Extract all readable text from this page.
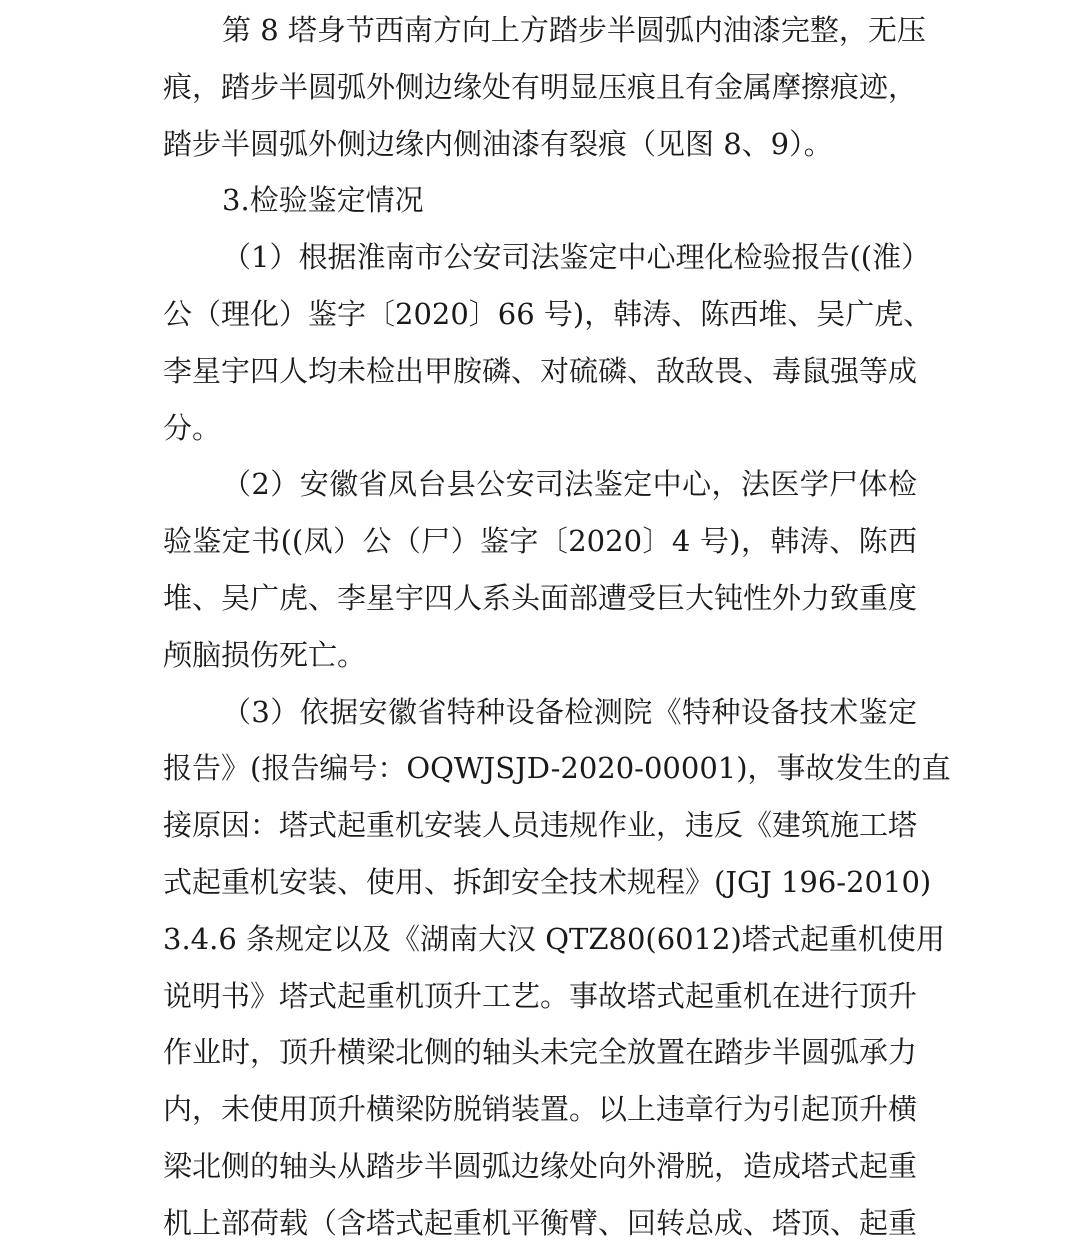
第 8 塔身节西南方向上方踏步半圆弧内油漆完整，无压
痕，踏步半圆弧外侧边缘处有明显压痕且有金属摩擦痕迹，
踏步半圆弧外侧边缘内侧油漆有裂痕（见图 8、9）。
3.检验鉴定情况
（1）根据淮南市公安司法鉴定中心理化检验报告((淮）
公（理化）鉴字〔2020〕66 号)，韩涛、陈西堆、吴广虎、
李星宇四人均未检出甲胺磷、对硫磷、敌敌畏、毒鼠强等成
分。
（2）安徽省凤台县公安司法鉴定中心，法医学尸体检
验鉴定书((凤）公（尸）鉴字〔2020〕4 号)，韩涛、陈西
堆、吴广虎、李星宇四人系头面部遭受巨大钝性外力致重度
颅脑损伤死亡。
（3）依据安徽省特种设备检测院《特种设备技术鉴定
报告》(报告编号：OQWJSJD-2020-00001)，事故发生的直
接原因：塔式起重机安装人员违规作业，违反《建筑施工塔
式起重机安装、使用、拆卸安全技术规程》(JGJ 196-2010)
3.4.6 条规定以及《湖南大汉 QTZ80(6012)塔式起重机使用
说明书》塔式起重机顶升工艺。事故塔式起重机在进行顶升
作业时，顶升横梁北侧的轴头未完全放置在踏步半圆弧承力
内，未使用顶升横梁防脱销装置。以上违章行为引起顶升横
梁北侧的轴头从踏步半圆弧边缘处向外滑脱，造成塔式起重
机上部荷载（含塔式起重机平衡臂、回转总成、塔顶、起重
